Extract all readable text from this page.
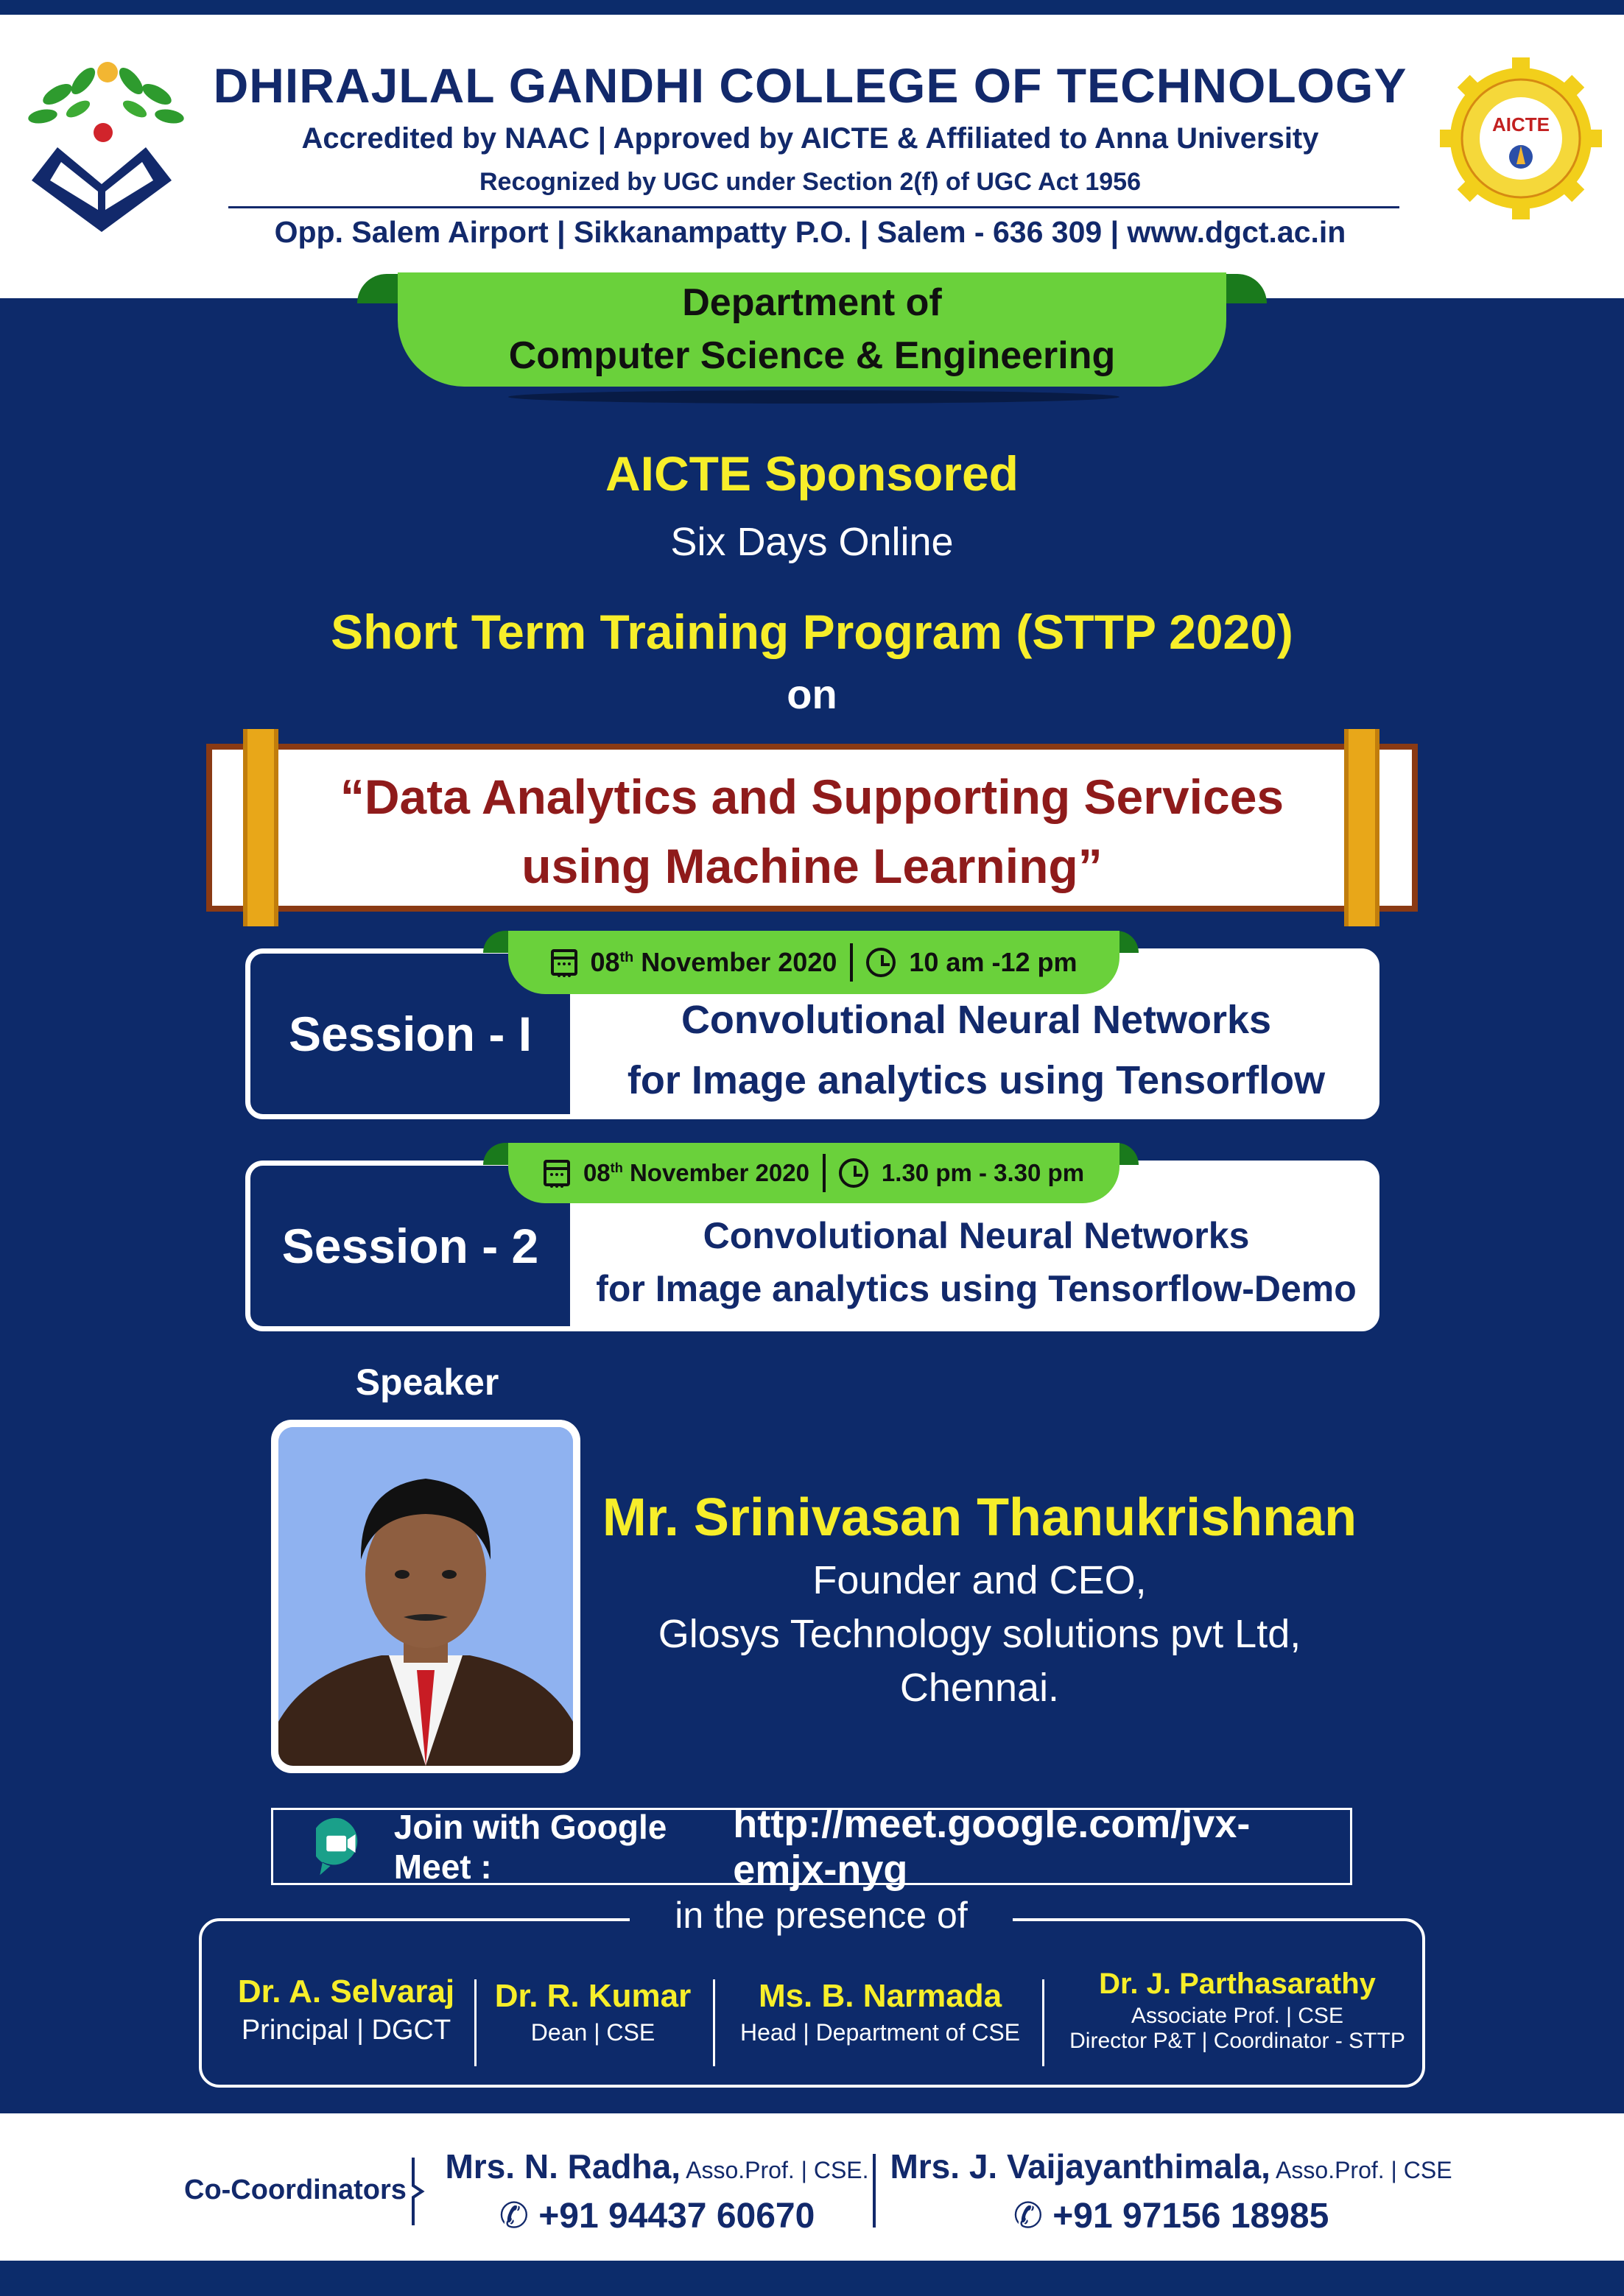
DHIRAJLAL GANDHI COLLEGE OF TECHNOLOGY
Accredited by NAAC | Approved by AICTE & Affiliated to Anna University
Recognized by UGC under Section 2(f) of UGC Act 1956
Opp. Salem Airport | Sikkanampatty P.O. | Salem - 636 309 | www.dgct.ac.in
AICTE
Department of
Computer Science & Engineering
AICTE Sponsored
Six Days Online
Short Term Training Program (STTP 2020)
on
“Data Analytics and Supporting Services
using Machine Learning”
Session - I	Convolutional Neural Networks
for Image analytics using Tensorflow
08th November 2020	10 am -12 pm
Session - 2	Convolutional Neural Networks
for Image analytics using Tensorflow-Demo
08th November 2020	1.30 pm - 3.30 pm
Speaker
Mr. Srinivasan Thanukrishnan
Founder and CEO,
Glosys Technology solutions pvt Ltd,
Chennai.
Join with Google Meet :
http://meet.google.com/jvx-emjx-nyg
in the presence of
Dr. A. Selvaraj
Principal | DGCT
Dr. R. Kumar
Dean | CSE
Ms. B. Narmada
Head | Department of CSE
Dr. J. Parthasarathy
Associate Prof. | CSE
Director P&T | Coordinator - STTP
Co-Coordinators
Mrs. N. Radha, Asso.Prof. | CSE.
✆ +91 94437 60670
Mrs. J. Vaijayanthimala, Asso.Prof. | CSE
✆ +91 97156 18985
